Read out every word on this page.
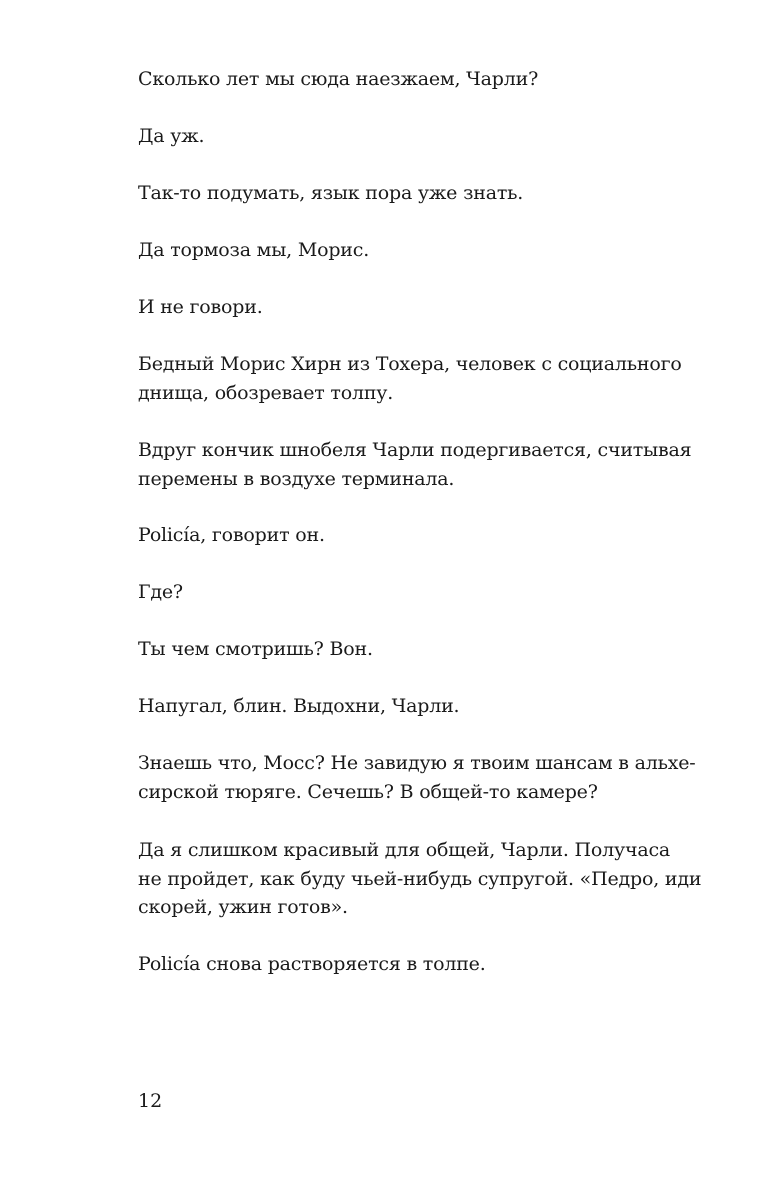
Сколько лет мы сюда наезжаем, Чарли?

Да уж.

Так-то подумать, язык пора уже знать.

Да тормоза мы, Морис.

И не говори.

Бедный Морис Хирн из Тохера, человек с социального
днища, обозревает толпу.

Вдруг кончик шнобеля Чарли подергивается, считывая
перемены в воздухе терминала.

Policía, говорит он.

Где?

Ты чем смотришь? Вон.

Напугал, блин. Выдохни, Чарли.

Знаешь что, Мосс? Не завидую я твоим шансам в альхе-
сирской тюряге. Сечешь? В общей-то камере?

Да я слишком красивый для общей, Чарли. Получаса
не пройдет, как буду чьей-нибудь супругой. «Педро, иди
скорей, ужин готов».

Policía снова растворяется в толпе.

12
